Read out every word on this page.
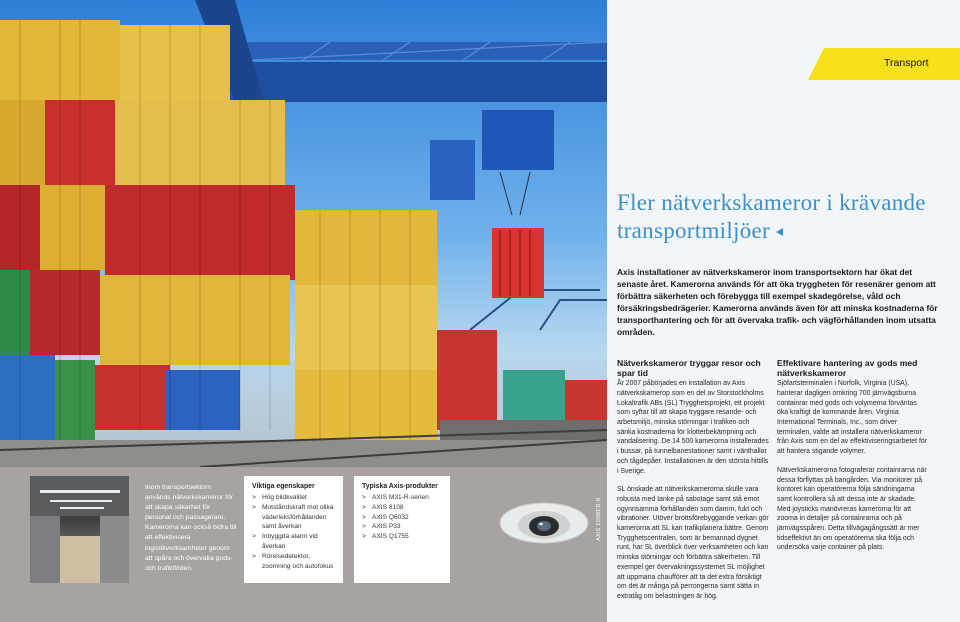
Inom transportsektorn används nätverkskameror för att skapa säkerhet för personal och passagerare. Kamerorna kan också bidra till att effektivisera logistikverksamheter genom att spåra och övervaka gods- och trafikflöden.
Viktiga egenskaper
> Hög bildkvalitet
> Motståndskraft mot olika väderleksförhållanden samt åverkan
> Inbyggda alarm vid åverkan
> Rörelsedetektor, zoomning och autofokus
Typiska Axis-produkter
> AXIS M31-R-serien
> AXIS 8108
> AXIS Q6032
> AXIS P33
> AXIS Q1755	AXIS 209MFD-R
Transport
Fler nätverkskameror i krävande transportmiljöer

Axis installationer av nätverkskameror inom transportsektorn har ökat det senaste året. Kamerorna används för att öka tryggheten för resenärer genom att förbättra säkerheten och förebygga till exempel skadegörelse, våld och försäkringsbedrägerier. Kamerorna används även för att minska kostnaderna för transporthantering och för att övervaka trafik- och vägförhållanden inom utsatta områden.

Nätverkskameror tryggar resor och spar tid

År 2007 påbörjades en installation av Axis nätverkskamerор som en del av Storstockholms Lokaltrafik ABs (SL) Trygghetsprojekt, ett projekt som syftar till att skapa tryggare resande- och arbetsmiljö, minska störningar i trafiken och sänka kostnaderna för klotterbekämpning och vandalisering. De 14 500 kamerorna installerades i bussar, på tunnelbanestationer samt i vänthallar och tågdepåer. Installationen är den största hittills i Sverige.

SL önskade att nätverkskamerorna skulle vara robusta med tanke på sabotage samt stå emot ogynnsamma förhållanden som damm, fukt och vibrationer. Utöver brottsförebyggande verkan gör kamerorna att SL kan trafikplanera bättre. Genom Trygghetscentralen, som är bemannad dygnet runt, har SL överblick över verksamheten och kan minska störningar och förbättra säkerheten. Till exempel ger övervakningssystemet SL möjlighet att uppmana chaufförer att ta det extra försiktigt om det är många på perrongerna samt sätta in extratåg om belastningen är hög.

Effektivare hantering av gods med nätverkskameror

Sjöfartsterminalen i Norfolk, Virginia (USA), hanterar dagligen omkring 700 järnvägsburna containrar med gods och volymerna förväntas öka kraftigt de kommande åren. Virginia International Terminals, Inc., som driver terminalen, valde att installera nätverkskameror från Axis som en del av effektiviseringsarbetet för att hantera stigande volymer.

Nätverkskamerorna fotograferar containrarna när dessa förflyttas på bangården. Via monitorer på kontoret kan operatörerna följa sändningarna samt kontrollera så att dessa inte är skadade. Med joysticks manövreras kamerorna för att zooma in detaljer på containrarna och på järnvägsspåren. Detta tillvägagångssätt är mer tidseffektivt än om operatörerna ska följa och undersöka varje container på plats.
